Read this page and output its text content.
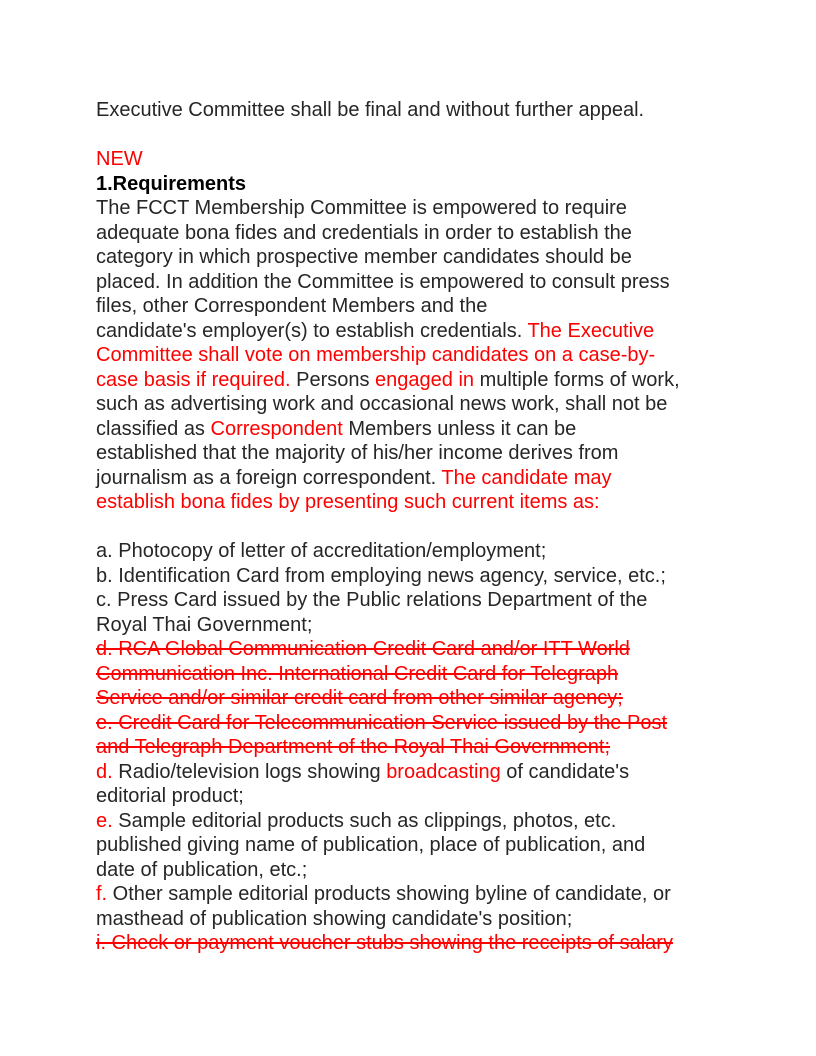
Executive Committee shall be final and without further appeal.
NEW
1.Requirements
The FCCT Membership Committee is empowered to require
adequate bona fides and credentials in order to establish the
category in which prospective member candidates should be
placed. In addition the Committee is empowered to consult press
files, other Correspondent Members and the
candidate's employer(s) to establish credentials. The Executive
Committee shall vote on membership candidates on a case-by-
case basis if required. Persons engaged in multiple forms of work,
such as advertising work and occasional news work, shall not be
classified as Correspondent Members unless it can be
established that the majority of his/her income derives from
journalism as a foreign correspondent. The candidate may
establish bona fides by presenting such current items as:
a. Photocopy of letter of accreditation/employment;
b. Identification Card from employing news agency, service, etc.;
c. Press Card issued by the Public relations Department of the
Royal Thai Government;
d. RCA Global Communication Credit Card and/or ITT World
Communication Inc. International Credit Card for Telegraph
Service and/or similar credit card from other similar agency;
e. Credit Card for Telecommunication Service issued by the Post
and Telegraph Department of the Royal Thai Government;
d. Radio/television logs showing broadcasting of candidate's
editorial product;
e. Sample editorial products such as clippings, photos, etc.
published giving name of publication, place of publication, and
date of publication, etc.;
f. Other sample editorial products showing byline of candidate, or
masthead of publication showing candidate's position;
i. Check or payment voucher stubs showing the receipts of salary
